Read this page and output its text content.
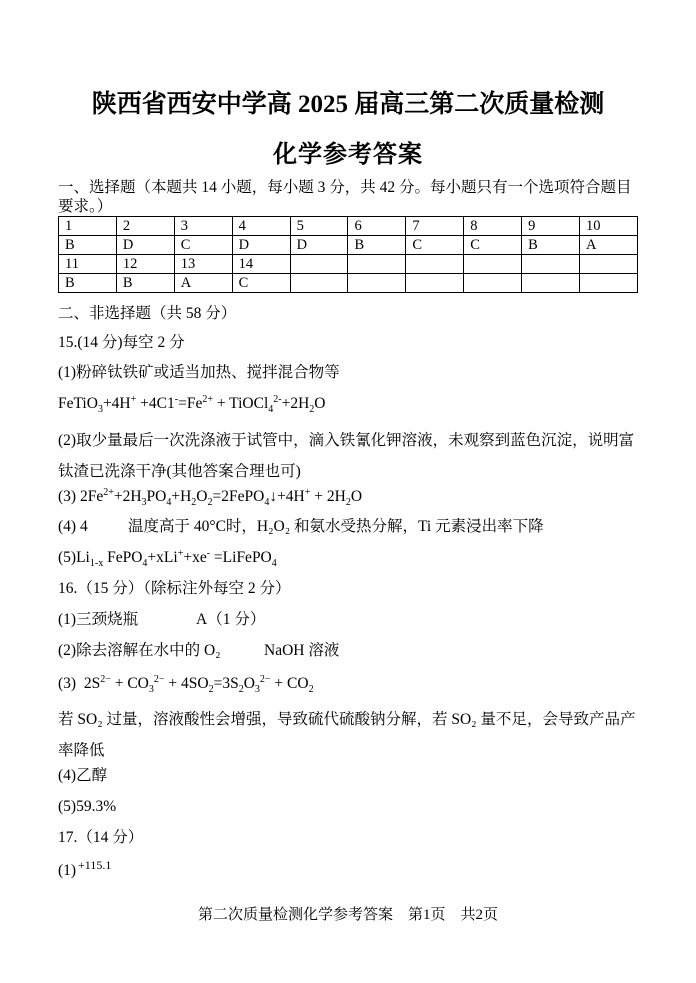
陕西省西安中学高 2025 届高三第二次质量检测
化学参考答案
一、选择题（本题共 14 小题，每小题 3 分，共 42 分。每小题只有一个选项符合题目要求。）
1	2	3	4	5	6	7	8	9	10
B	D	C	D	D	B	C	C	B	A
11	12	13	14						
B	B	A	C						
二、非选择题（共 58 分）
15.(14 分)每空 2 分
(1)粉碎钛铁矿或适当加热、搅拌混合物等
FeTiO$_3$+4H+ $+4C1^-=Fe^{2+}$ + $TiOCl_4^{2-}+2H_2O$
(2)取少量最后一次洗涤液于试管中，滴入铁氰化钾溶液，未观察到蓝色沉淀，说明富钛渣已洗涤干净(其他答案合理也可)
(3) $2Fe^{2+}+2H_3PO_4+H_2O_2=2FePO_4↓+4H^+ + 2H_2O$
(4) 4	温度高于 40°C时，H₂O₂ 和氨水受热分解，Ti 元素浸出率下降
$(5)Li_{1-x}$ FePO$_4$+xLi++xe- =LiFePO$_4$
16.（15 分）（除标注外每空 2 分）
(1)三颈烧瓶	A（1 分）
(2)除去溶解在水中的 O₂	NaOH 溶液
(3)  $2S^{2-} + CO_3^{2-} + 4SO_2=3S_2O_3^{2-} + CO_2$
若 SO₂ 过量，溶液酸性会增强，导致硫代硫酸钠分解，若 SO₂ 量不足，会导致产品产率降低
(4)乙醇
(5)59.3%
17.（14 分）
(1) +115.1
第二次质量检测化学参考答案　第1页　共2页
